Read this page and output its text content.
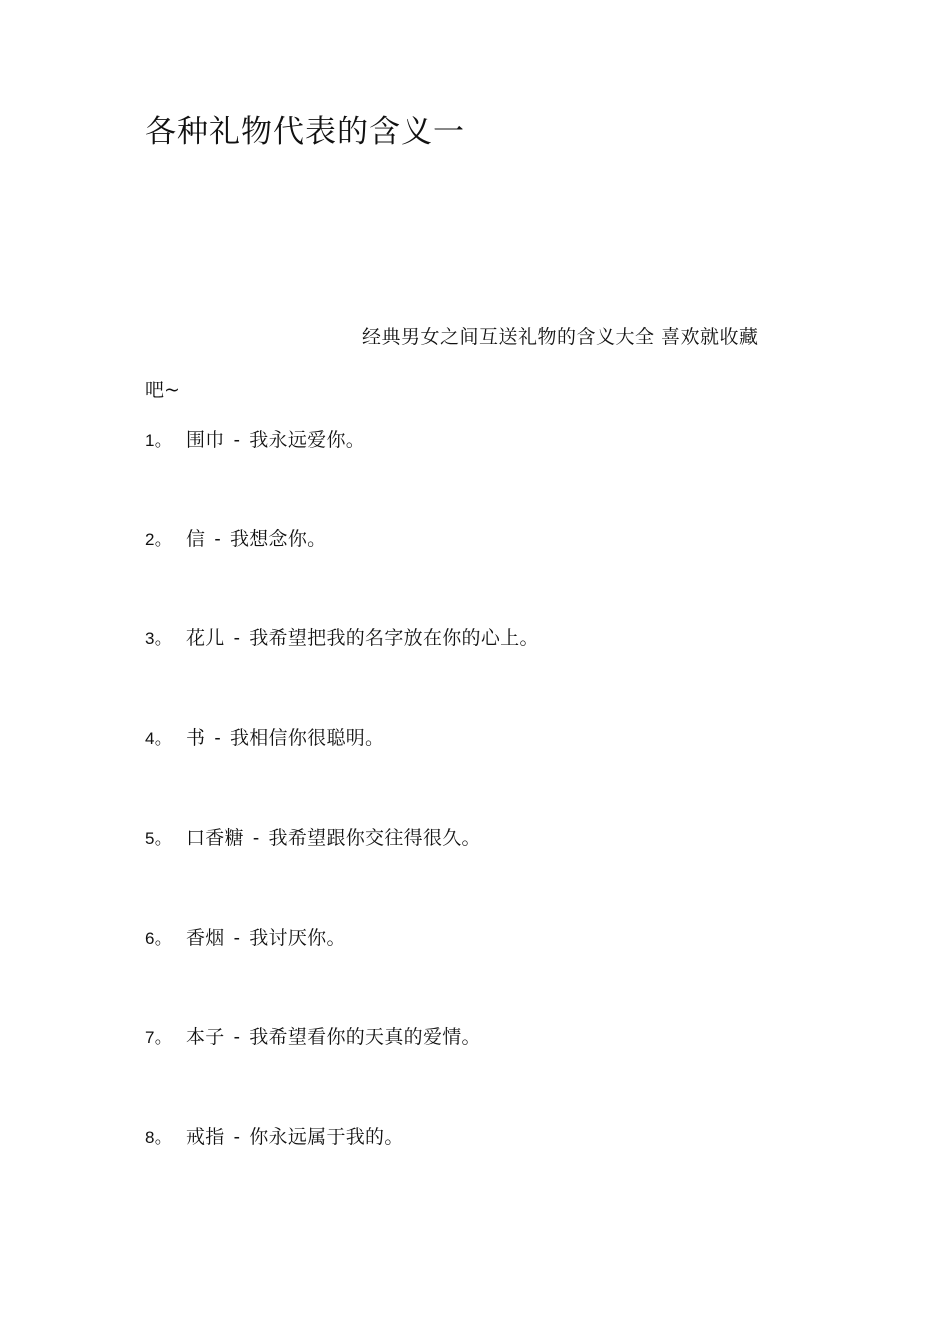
各种礼物代表的含义一
经典男女之间互送礼物的含义大全 喜欢就收藏
吧~
1。 围巾 - 我永远爱你。
2。 信 - 我想念你。
3。 花儿 - 我希望把我的名字放在你的心上。
4。 书 - 我相信你很聪明。
5。 口香糖 - 我希望跟你交往得很久。
6。 香烟 - 我讨厌你。
7。 本子 - 我希望看你的天真的爱情。
8。 戒指 - 你永远属于我的。
